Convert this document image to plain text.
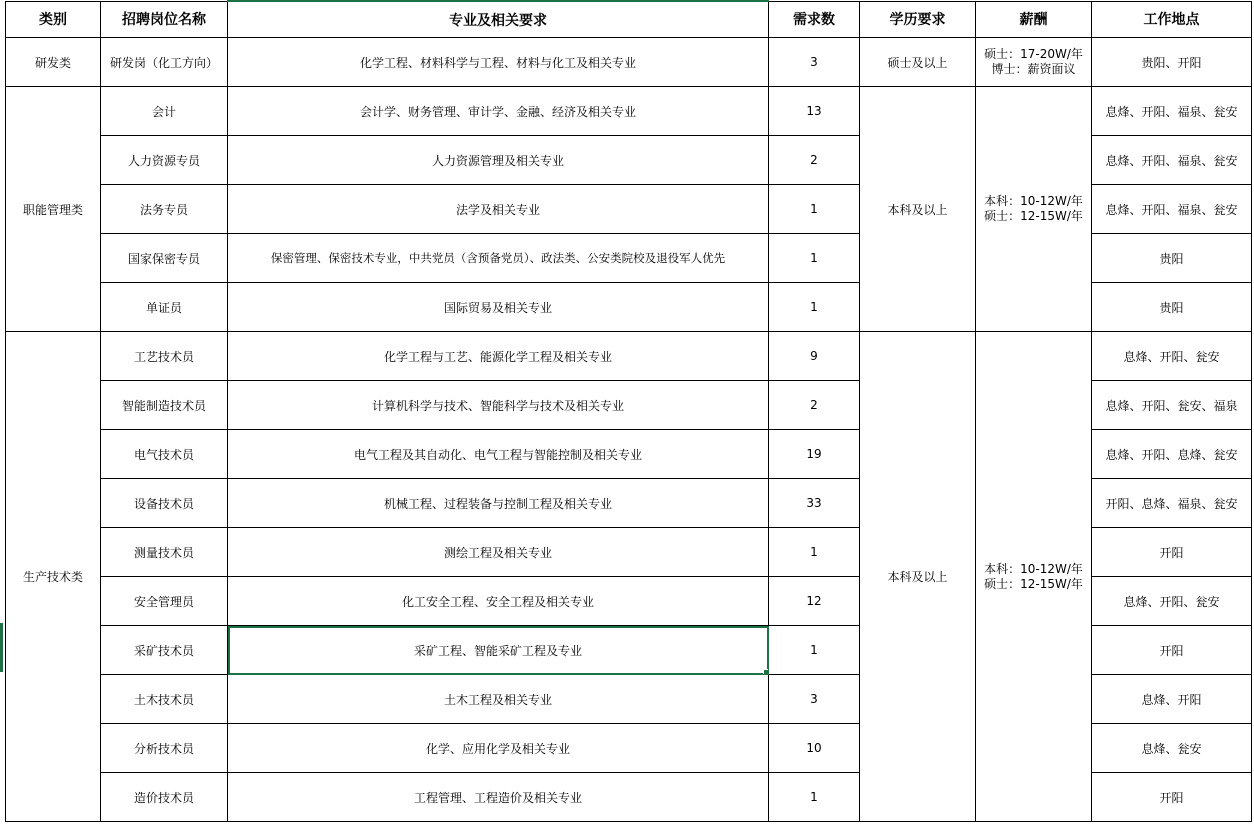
类别	招聘岗位名称	专业及相关要求	需求数	学历要求	薪酬	工作地点
研发类	研发岗（化工方向）	化学工程、材料科学与工程、材料与化工及相关专业	3	硕士及以上	硕士：17-20W/年
博士：薪资面议	贵阳、开阳
职能管理类	会计	会计学、财务管理、审计学、金融、经济及相关专业	13	本科及以上	本科：10-12W/年
硕士：12-15W/年	息烽、开阳、福泉、瓮安
	人力资源专员	人力资源管理及相关专业	2			息烽、开阳、福泉、瓮安
	法务专员	法学及相关专业	1			息烽、开阳、福泉、瓮安
	国家保密专员	保密管理、保密技术专业，中共党员（含预备党员）、政法类、公安类院校及退役军人优先	1			贵阳
	单证员	国际贸易及相关专业	1			贵阳
生产技术类	工艺技术员	化学工程与工艺、能源化学工程及相关专业	9	本科及以上	本科：10-12W/年
硕士：12-15W/年	息烽、开阳、瓮安
	智能制造技术员	计算机科学与技术、智能科学与技术及相关专业	2			息烽、开阳、瓮安、福泉
	电气技术员	电气工程及其自动化、电气工程与智能控制及相关专业	19			息烽、开阳、息烽、瓮安
	设备技术员	机械工程、过程装备与控制工程及相关专业	33			开阳、息烽、福泉、瓮安
	测量技术员	测绘工程及相关专业	1			开阳
	安全管理员	化工安全工程、安全工程及相关专业	12			息烽、开阳、瓮安
	采矿技术员	采矿工程、智能采矿工程及专业	1			开阳
	土木技术员	土木工程及相关专业	3			息烽、开阳
	分析技术员	化学、应用化学及相关专业	10			息烽、瓮安
	造价技术员	工程管理、工程造价及相关专业	1			开阳
